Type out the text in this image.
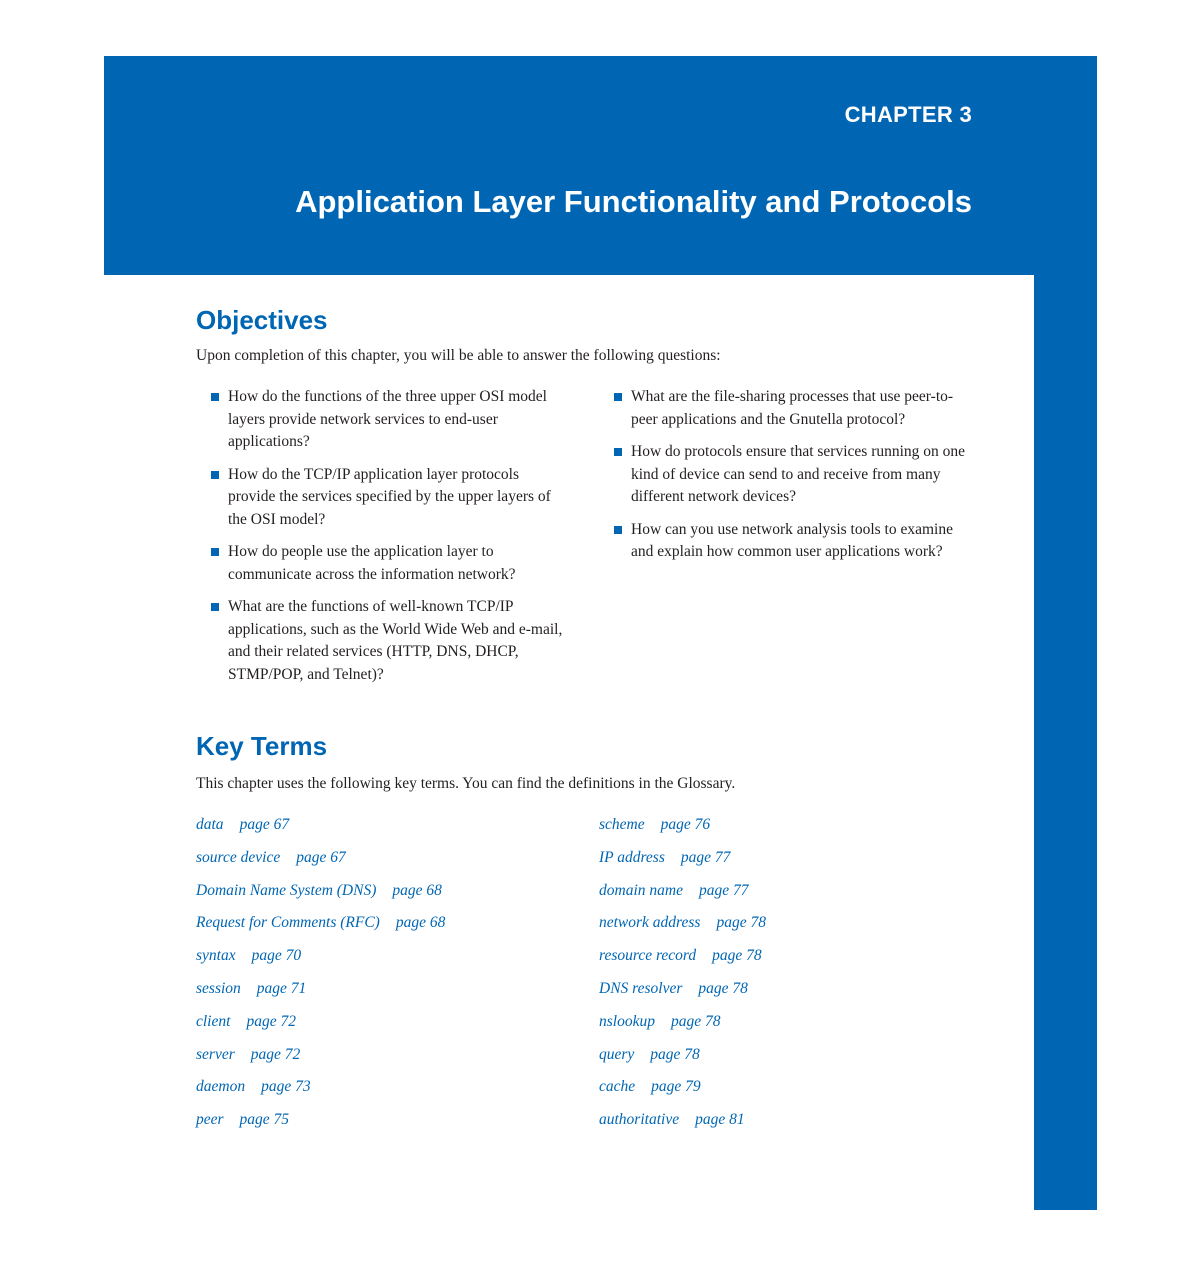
CHAPTER 3
Application Layer Functionality and Protocols
Objectives

Upon completion of this chapter, you will be able to answer the following questions:

How do the functions of the three upper OSI model layers provide network services to end-user applications?
How do the TCP/IP application layer protocols provide the services specified by the upper layers of the OSI model?
How do people use the application layer to communicate across the information network?
What are the functions of well-known TCP/IP applications, such as the World Wide Web and e-mail, and their related services (HTTP, DNS, DHCP, STMP/POP, and Telnet)?
What are the file-sharing processes that use peer-to-peer applications and the Gnutella protocol?
How do protocols ensure that services running on one kind of device can send to and receive from many different network devices?
How can you use network analysis tools to examine and explain how common user applications work?
Key Terms

This chapter uses the following key terms. You can find the definitions in the Glossary.

data page 67
source device page 67
Domain Name System (DNS) page 68
Request for Comments (RFC) page 68
syntax page 70
session page 71
client page 72
server page 72
daemon page 73
peer page 75
scheme page 76
IP address page 77
domain name page 77
network address page 78
resource record page 78
DNS resolver page 78
nslookup page 78
query page 78
cache page 79
authoritative page 81
